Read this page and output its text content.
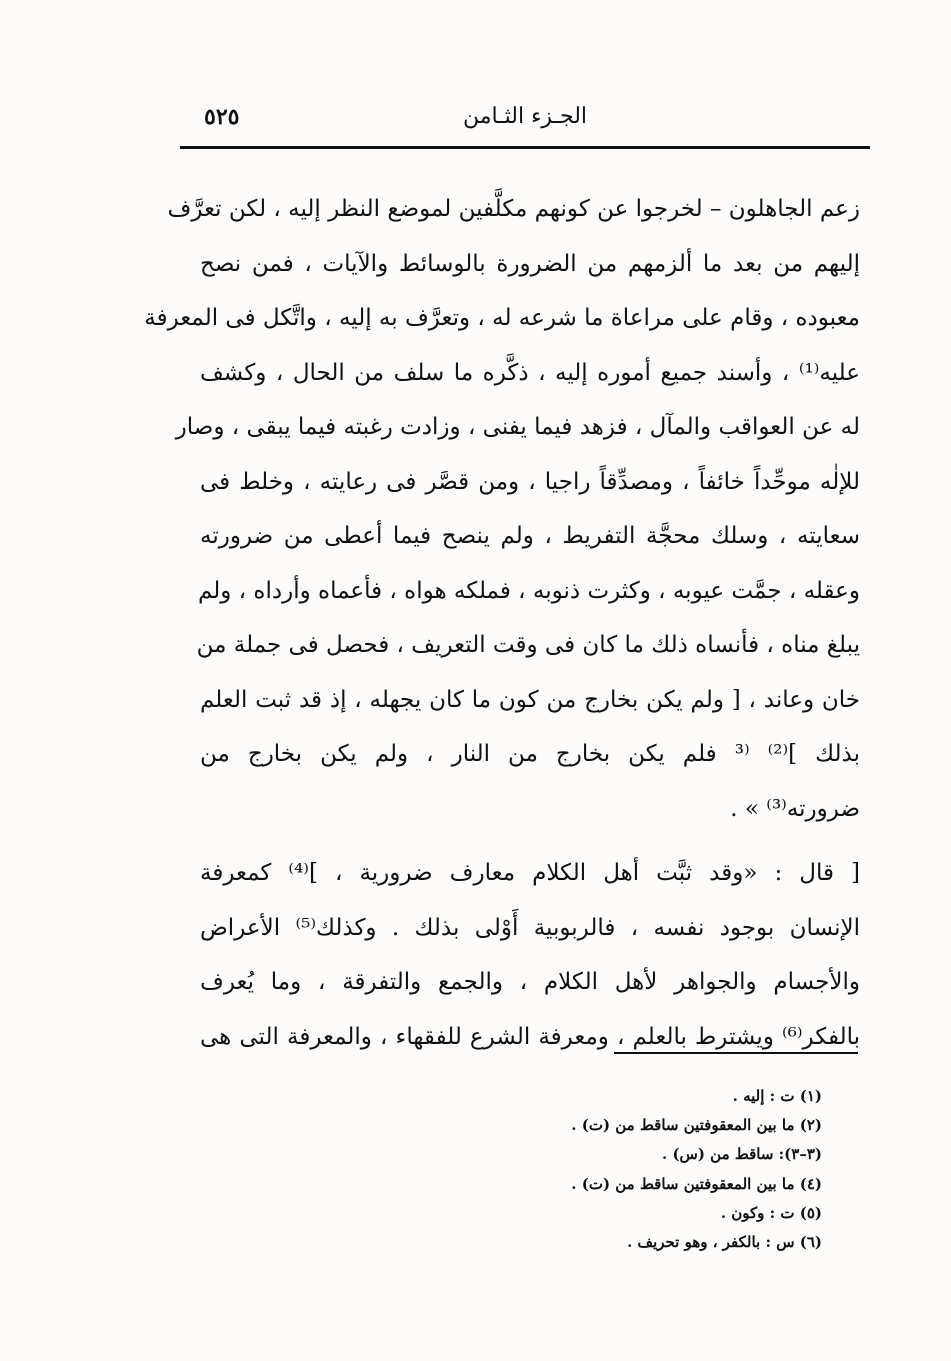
الجـزء الثـامن
٥٢٥
زعم الجاهلون – لخرجوا عن كونهم مكلَّفين لموضع النظر إليه ، لكن تعرَّف
إليهم من بعد ما ألزمهم من الضرورة بالوسائط والآيات ، فمن نصح
معبوده ، وقام على مراعاة ما شرعه له ، وتعرَّف به إليه ، واتَّكل فى المعرفة
عليه⁽¹⁾ ، وأسند جميع أموره إليه ، ذكَّره ما سلف من الحال ، وكشف
له عن العواقب والمآل ، فزهد فيما يفنى ، وزادت رغبته فيما يبقى ، وصار
للإلٰه موحِّداً خائفاً ، ومصدِّقاً راجيا ، ومن قصَّر فى رعايته ، وخلط فى
سعايته ، وسلك محجَّة التفريط ، ولم ينصح فيما أعطى من ضرورته
وعقله ، جمَّت عيوبه ، وكثرت ذنوبه ، فملكه هواه ، فأعماه وأرداه ، ولم
يبلغ مناه ، فأنساه ذلك ما كان فى وقت التعريف ، فحصل فى جملة من
خان وعاند ، [ ولم يكن بخارج من كون ما كان يجهله ، إذ قد ثبت العلم
بذلك ]⁽²⁾ ⁽³ فلم يكن بخارج من النار ، ولم يكن بخارج من
ضرورته⁽³⁾ » .
[ قال : «وقد ثبَّت أهل الكلام معارف ضرورية ، ]⁽⁴⁾ كمعرفة
الإنسان بوجود نفسه ، فالربوبية أَوْلى بذلك . وكذلك⁽⁵⁾ الأعراض
والأجسام والجواهر لأهل الكلام ، والجمع والتفرقة ، وما يُعرف
بالفكر⁽⁶⁾ ويشترط بالعلم ، ومعرفة الشرع للفقهاء ، والمعرفة التى هى
(١) ت : إليه .
(٢) ما بين المعقوفتين ساقط من (ت) .
(٣–٣): ساقط من (س) .
(٤) ما بين المعقوفتين ساقط من (ت) .
(٥) ت : وكون .
(٦) س : بالكفر ، وهو تحريف .
